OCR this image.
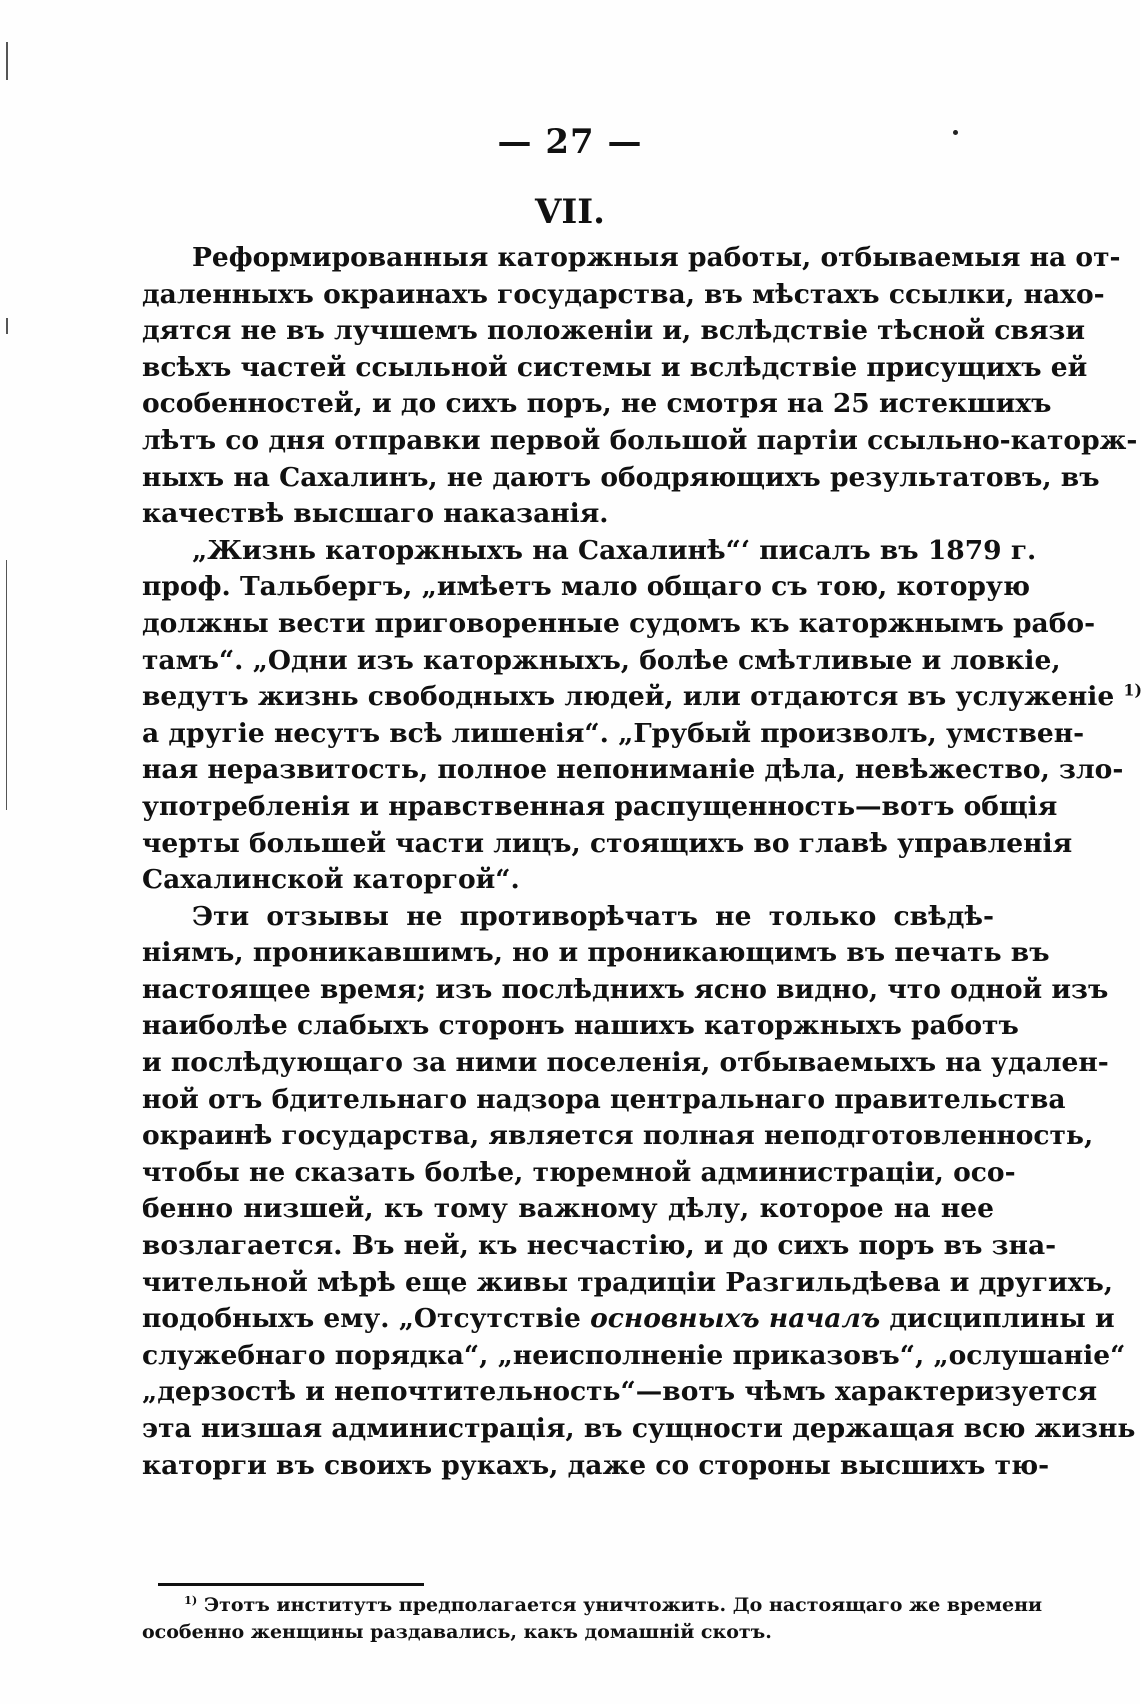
— 27 —
VII.
Реформированныя каторжныя работы, отбываемыя на от-
даленныхъ окраинахъ государства, въ мѣстахъ ссылки, нахо-
дятся не въ лучшемъ положеніи и, вслѣдствіе тѣсной связи
всѣхъ частей ссыльной системы и вслѣдствіе присущихъ ей
особенностей, и до сихъ поръ, не смотря на 25 истекшихъ
лѣтъ со дня отправки первой большой партіи ссыльно-каторж-
ныхъ на Сахалинъ, не даютъ ободряющихъ результатовъ, въ
качествѣ высшаго наказанія.
„Жизнь каторжныхъ на Сахалинѣ“‘ писалъ въ 1879 г.
проф. Тальбергъ, „имѣетъ мало общаго съ тою, которую
должны вести приговоренные судомъ къ каторжнымъ рабо-
тамъ“. „Одни изъ каторжныхъ, болѣе смѣтливые и ловкіе,
ведутъ жизнь свободныхъ людей, или отдаются въ услуженіе $^{1)}$
а другіе несутъ всѣ лишенія“. „Грубый произволъ, умствен-
ная неразвитость, полное непониманіе дѣла, невѣжество, зло-
употребленія и нравственная распущенность—вотъ общія
черты большей части лицъ, стоящихъ во главѣ управленія
Сахалинской каторгой“.
Эти отзывы не противорѣчатъ не только свѣдѣ-
ніямъ, проникавшимъ, но и проникающимъ въ печать въ
настоящее время; изъ послѣднихъ ясно видно, что одной изъ
наиболѣе слабыхъ сторонъ нашихъ каторжныхъ работъ
и послѣдующаго за ними поселенія, отбываемыхъ на удален-
ной отъ бдительнаго надзора центральнаго правительства
окраинѣ государства, является полная неподготовленность,
чтобы не сказать болѣе, тюремной администраціи, осо-
бенно низшей, къ тому важному дѣлу, которое на нее
возлагается. Въ ней, къ несчастію, и до сихъ поръ въ зна-
чительной мѣрѣ еще живы традиціи Разгильдѣева и другихъ,
подобныхъ ему. „Отсутствіе основныхъ началъ дисциплины и
служебнаго порядка“, „неисполненіе приказовъ“, „ослушаніе“
„дерзостѣ и непочтительность“—вотъ чѣмъ характеризуется
эта низшая администрація, въ сущности держащая всю жизнь
каторги въ своихъ рукахъ, даже со стороны высшихъ тю-
$^{1)}$ Этотъ институтъ предполагается уничтожить. До настоящаго же времени
особенно женщины раздавались, какъ домашній скотъ.
